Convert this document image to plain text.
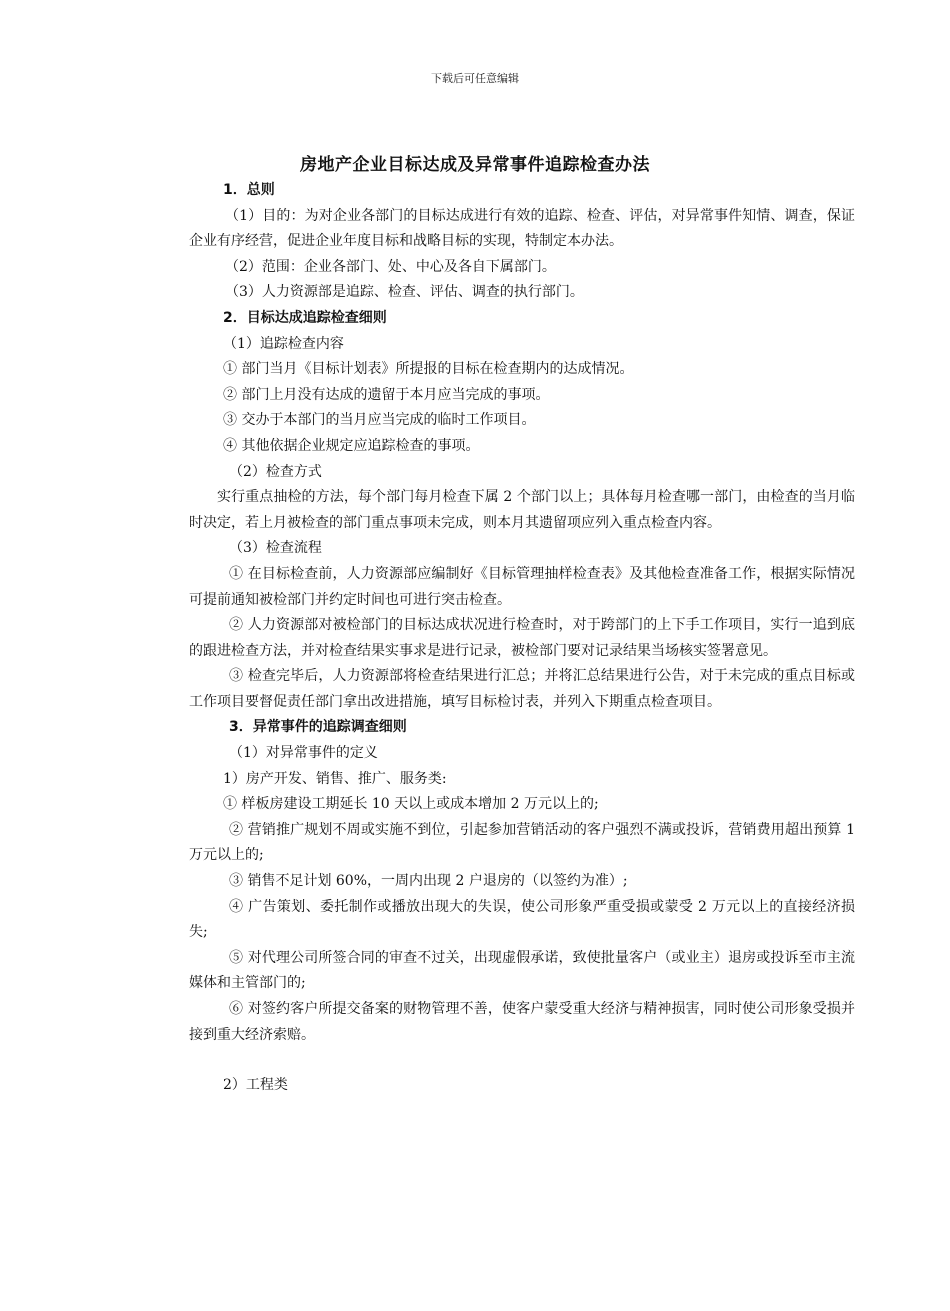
下载后可任意编辑
房地产企业目标达成及异常事件追踪检查办法

1．总则

（1）目的：为对企业各部门的目标达成进行有效的追踪、检查、评估，对异常事件知情、调查，保证企业有序经营，促进企业年度目标和战略目标的实现，特制定本办法。

（2）范围：企业各部门、处、中心及各自下属部门。

（3）人力资源部是追踪、检查、评估、调查的执行部门。

2．目标达成追踪检查细则

（1）追踪检查内容

① 部门当月《目标计划表》所提报的目标在检查期内的达成情况。

② 部门上月没有达成的遗留于本月应当完成的事项。

③ 交办于本部门的当月应当完成的临时工作项目。

④ 其他依据企业规定应追踪检查的事项。

（2）检查方式

实行重点抽检的方法，每个部门每月检查下属 2 个部门以上；具体每月检查哪一部门，由检查的当月临时决定，若上月被检查的部门重点事项未完成，则本月其遗留项应列入重点检查内容。

（3）检查流程

① 在目标检查前，人力资源部应编制好《目标管理抽样检查表》及其他检查准备工作，根据实际情况可提前通知被检部门并约定时间也可进行突击检查。

② 人力资源部对被检部门的目标达成状况进行检查时，对于跨部门的上下手工作项目，实行一追到底的跟进检查方法，并对检查结果实事求是进行记录，被检部门要对记录结果当场核实签署意见。

③ 检查完毕后，人力资源部将检查结果进行汇总；并将汇总结果进行公告，对于未完成的重点目标或工作项目要督促责任部门拿出改进措施，填写目标检讨表，并列入下期重点检查项目。

3．异常事件的追踪调查细则

（1）对异常事件的定义

1）房产开发、销售、推广、服务类:

① 样板房建设工期延长 10 天以上或成本增加 2 万元以上的;

② 营销推广规划不周或实施不到位，引起参加营销活动的客户强烈不满或投诉，营销费用超出预算 1 万元以上的;

③ 销售不足计划 60%，一周内出现 2 户退房的（以签约为准）;

④ 广告策划、委托制作或播放出现大的失误，使公司形象严重受损或蒙受 2 万元以上的直接经济损失;

⑤ 对代理公司所签合同的审查不过关，出现虚假承诺，致使批量客户（或业主）退房或投诉至市主流媒体和主管部门的;

⑥ 对签约客户所提交备案的财物管理不善，使客户蒙受重大经济与精神损害，同时使公司形象受损并接到重大经济索赔。

2）工程类
